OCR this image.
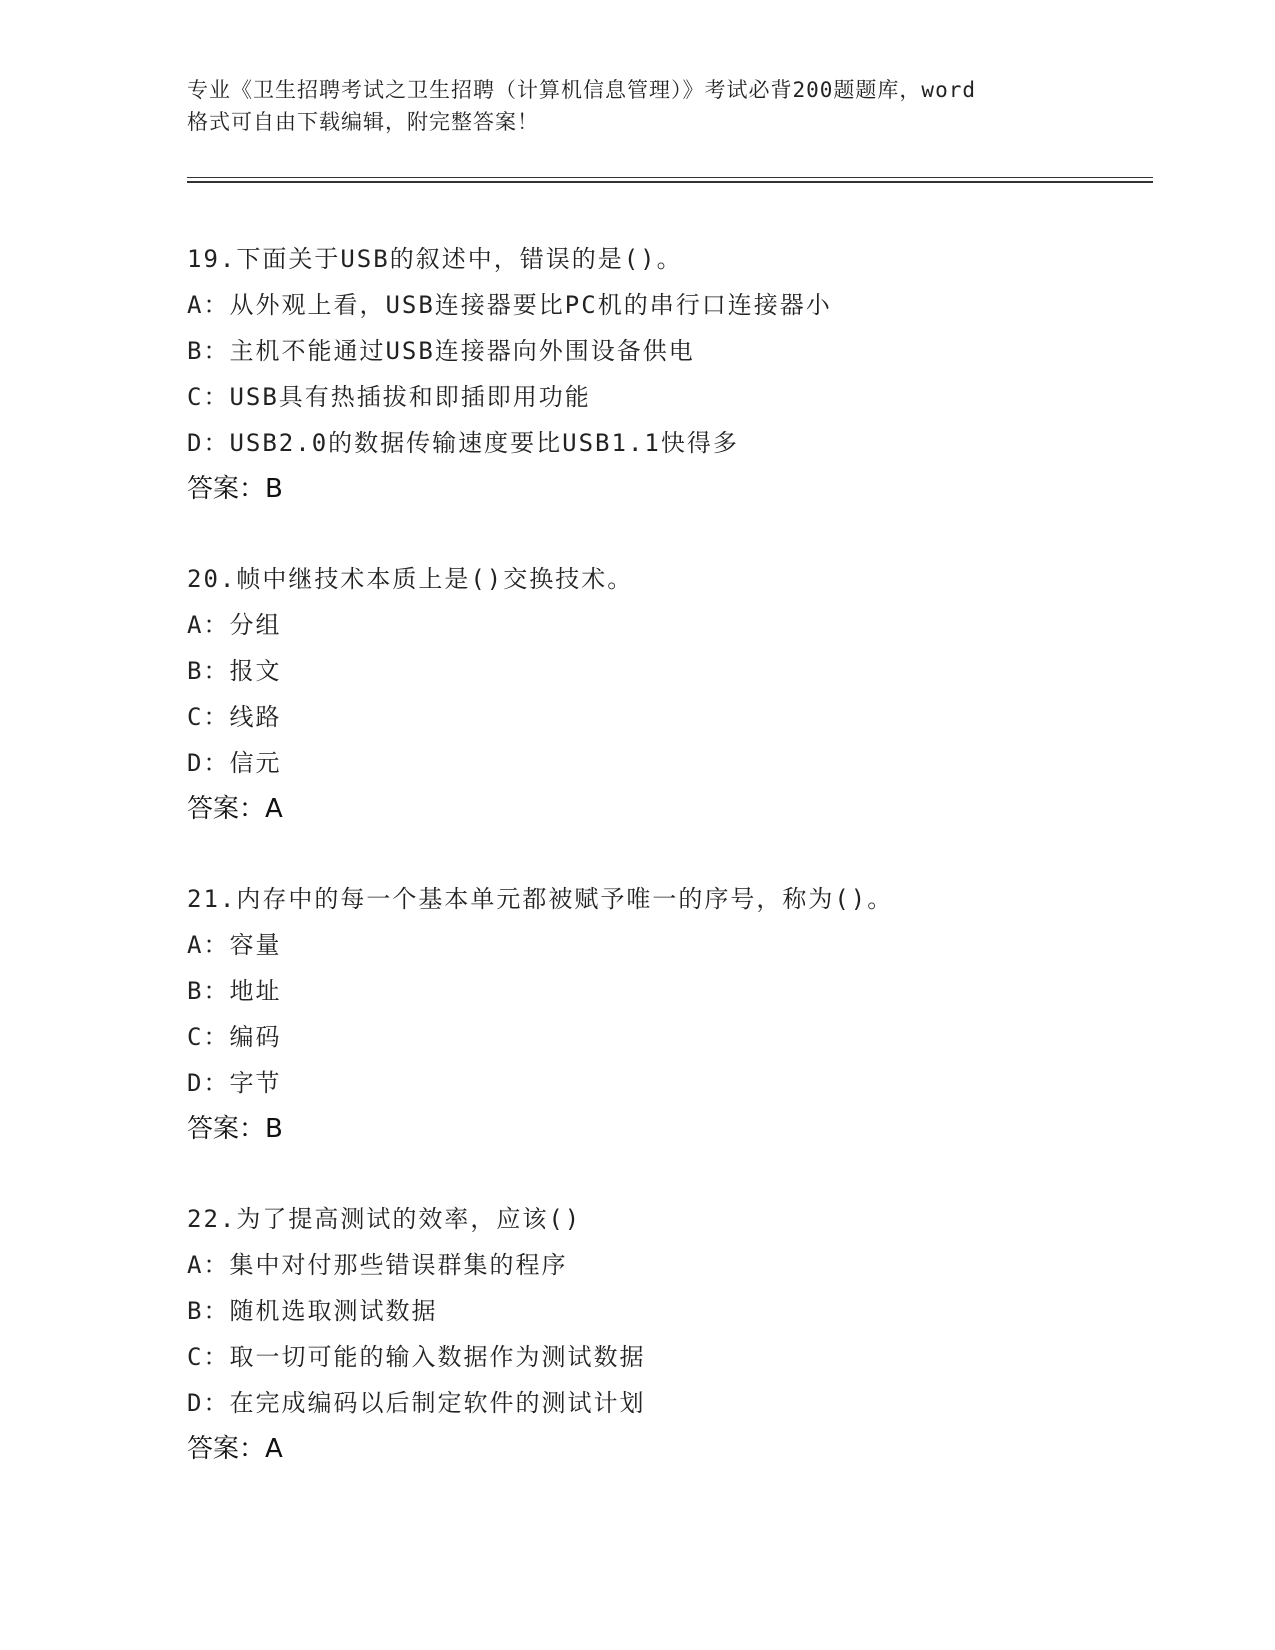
专业《卫生招聘考试之卫生招聘（计算机信息管理）》考试必背200题题库，word
格式可自由下载编辑，附完整答案！
19.下面关于USB的叙述中，错误的是()。
A：从外观上看，USB连接器要比PC机的串行口连接器小
B：主机不能通过USB连接器向外围设备供电
C：USB具有热插拔和即插即用功能
D：USB2.0的数据传输速度要比USB1.1快得多
答案：B
20.帧中继技术本质上是()交换技术。
A：分组
B：报文
C：线路
D：信元
答案：A
21.内存中的每一个基本单元都被赋予唯一的序号，称为()。
A：容量
B：地址
C：编码
D：字节
答案：B
22.为了提高测试的效率，应该()
A：集中对付那些错误群集的程序
B：随机选取测试数据
C：取一切可能的输入数据作为测试数据
D：在完成编码以后制定软件的测试计划
答案：A
